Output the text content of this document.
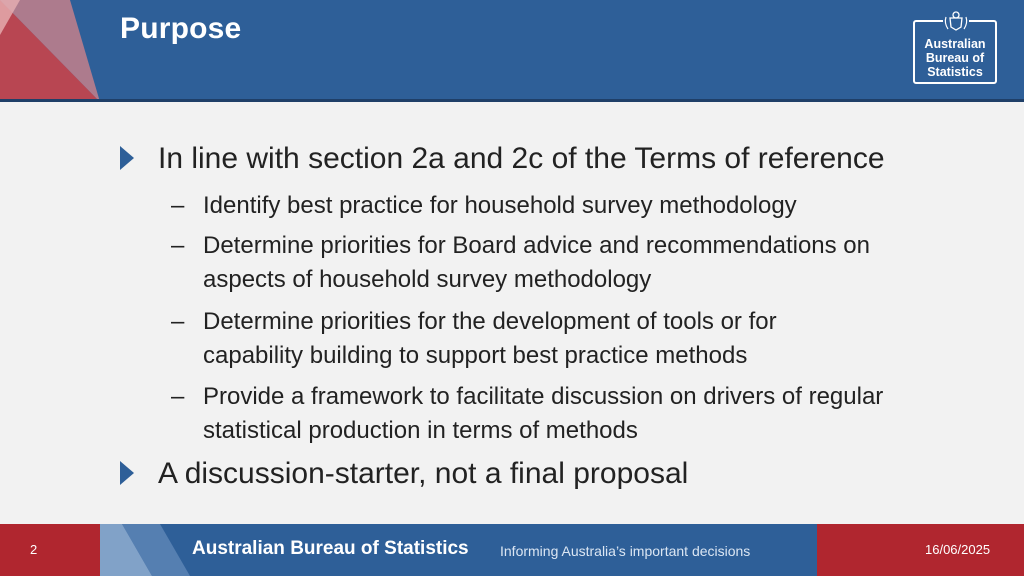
Purpose	Australian
Bureau of
Statistics
In line with section 2a and 2c of the Terms of reference
– Identify best practice for household survey methodology
– Determine priorities for Board advice and recommendations on
aspects of household survey methodology
– Determine priorities for the development of tools or for
capability building to support best practice methods
– Provide a framework to facilitate discussion on drivers of regular
statistical production in terms of methods
A discussion-starter, not a final proposal
2	Australian Bureau of Statistics Informing Australia’s important decisions	16/06/2025
